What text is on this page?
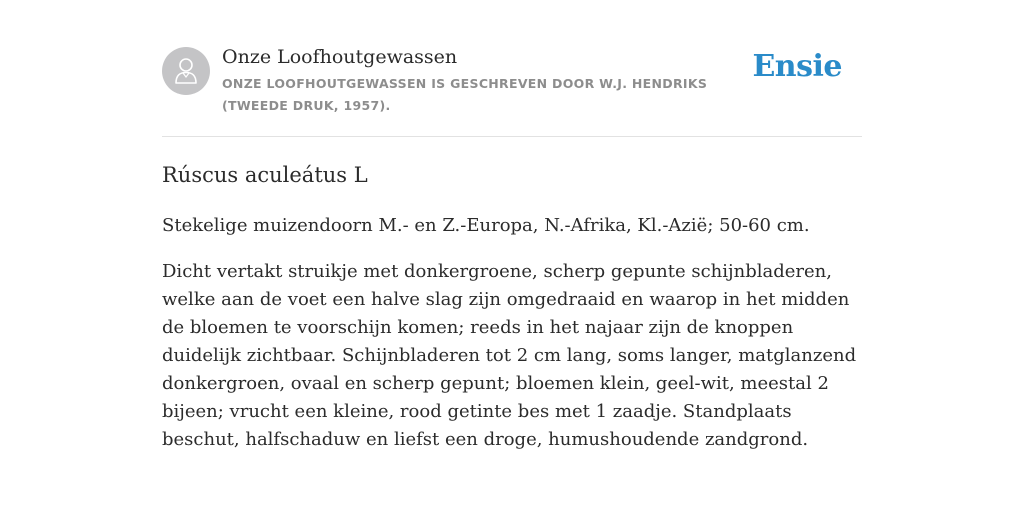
Onze Loofhoutgewassen

ONZE LOOFHOUTGEWASSEN IS GESCHREVEN DOOR W.J. HENDRIKS (TWEEDE DRUK, 1957).

Ensie
Rúscus aculeátus L

Stekelige muizendoorn M.- en Z.-Europa, N.-Afrika, Kl.-Azië; 50-60 cm.

Dicht vertakt struikje met donkergroene, scherp gepunte schijnbladeren, welke aan de voet een halve slag zijn omgedraaid en waarop in het midden de bloemen te voorschijn komen; reeds in het najaar zijn de knoppen duidelijk zichtbaar. Schijnbladeren tot 2 cm lang, soms langer, matglanzend donkergroen, ovaal en scherp gepunt; bloemen klein, geel-wit, meestal 2 bijeen; vrucht een kleine, rood getinte bes met 1 zaadje. Standplaats beschut, halfschaduw en liefst een droge, humushoudende zandgrond.
